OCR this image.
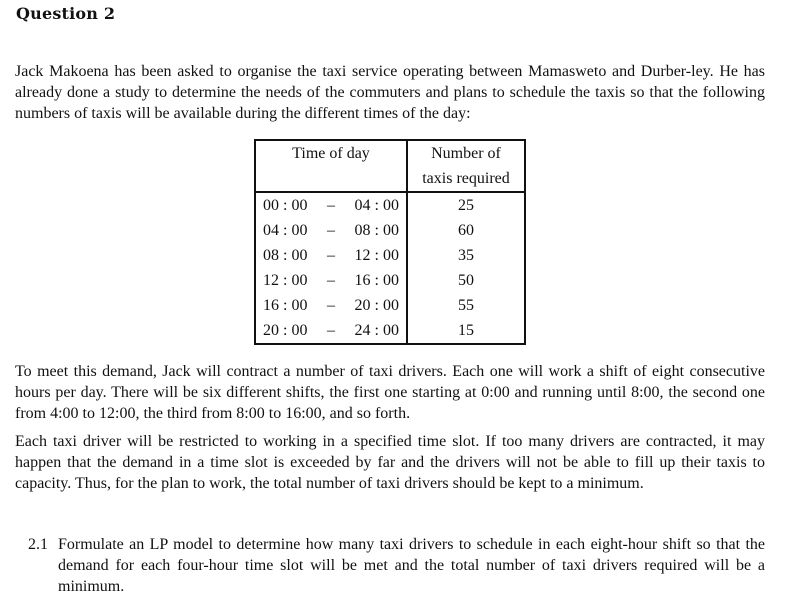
Question 2

Jack Makoena has been asked to organise the taxi service operating between Mamasweto and Durber-ley. He has already done a study to determine the needs of the commuters and plans to schedule the taxis so that the following numbers of taxis will be available during the different times of the day:

Time of day	Number of
taxis required

00 : 00 – 04 : 00	25

04 : 00 – 08 : 00	60

08 : 00 – 12 : 00	35

12 : 00 – 16 : 00	50

16 : 00 – 20 : 00	55

20 : 00 – 24 : 00	15

To meet this demand, Jack will contract a number of taxi drivers. Each one will work a shift of eight consecutive hours per day. There will be six different shifts, the first one starting at 0:00 and running until 8:00, the second one from 4:00 to 12:00, the third from 8:00 to 16:00, and so forth.

Each taxi driver will be restricted to working in a specified time slot. If too many drivers are contracted, it may happen that the demand in a time slot is exceeded by far and the drivers will not be able to fill up their taxis to capacity. Thus, for the plan to work, the total number of taxi drivers should be kept to a minimum.

2.1 Formulate an LP model to determine how many taxi drivers to schedule in each eight-hour shift so that the demand for each four-hour time slot will be met and the total number of taxi drivers required will be a minimum.
